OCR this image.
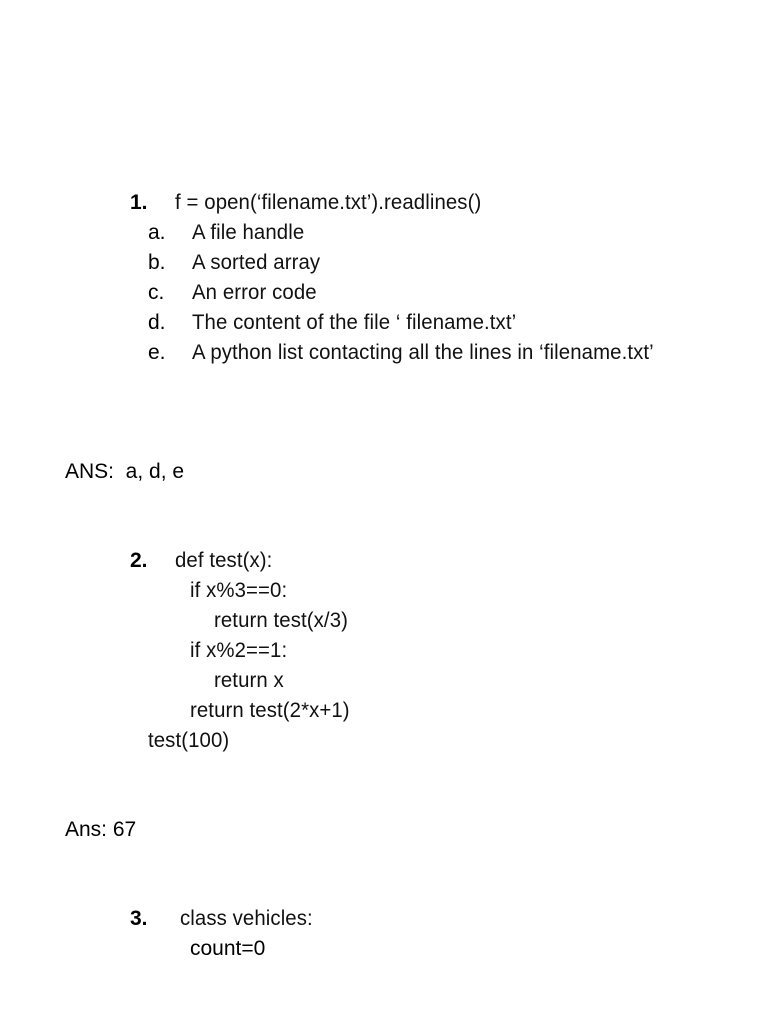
1. f = open(‘filename.txt’).readlines()
a. A file handle
b. A sorted array
c. An error code
d. The content of the file ‘ filename.txt’
e. A python list contacting all the lines in ‘filename.txt’
ANS:  a, d, e
2. def test(x):
if x%3==0:
return test(x/3)
if x%2==1:
return x
return test(2*x+1)
test(100)
Ans: 67
3. class vehicles:
count=0
